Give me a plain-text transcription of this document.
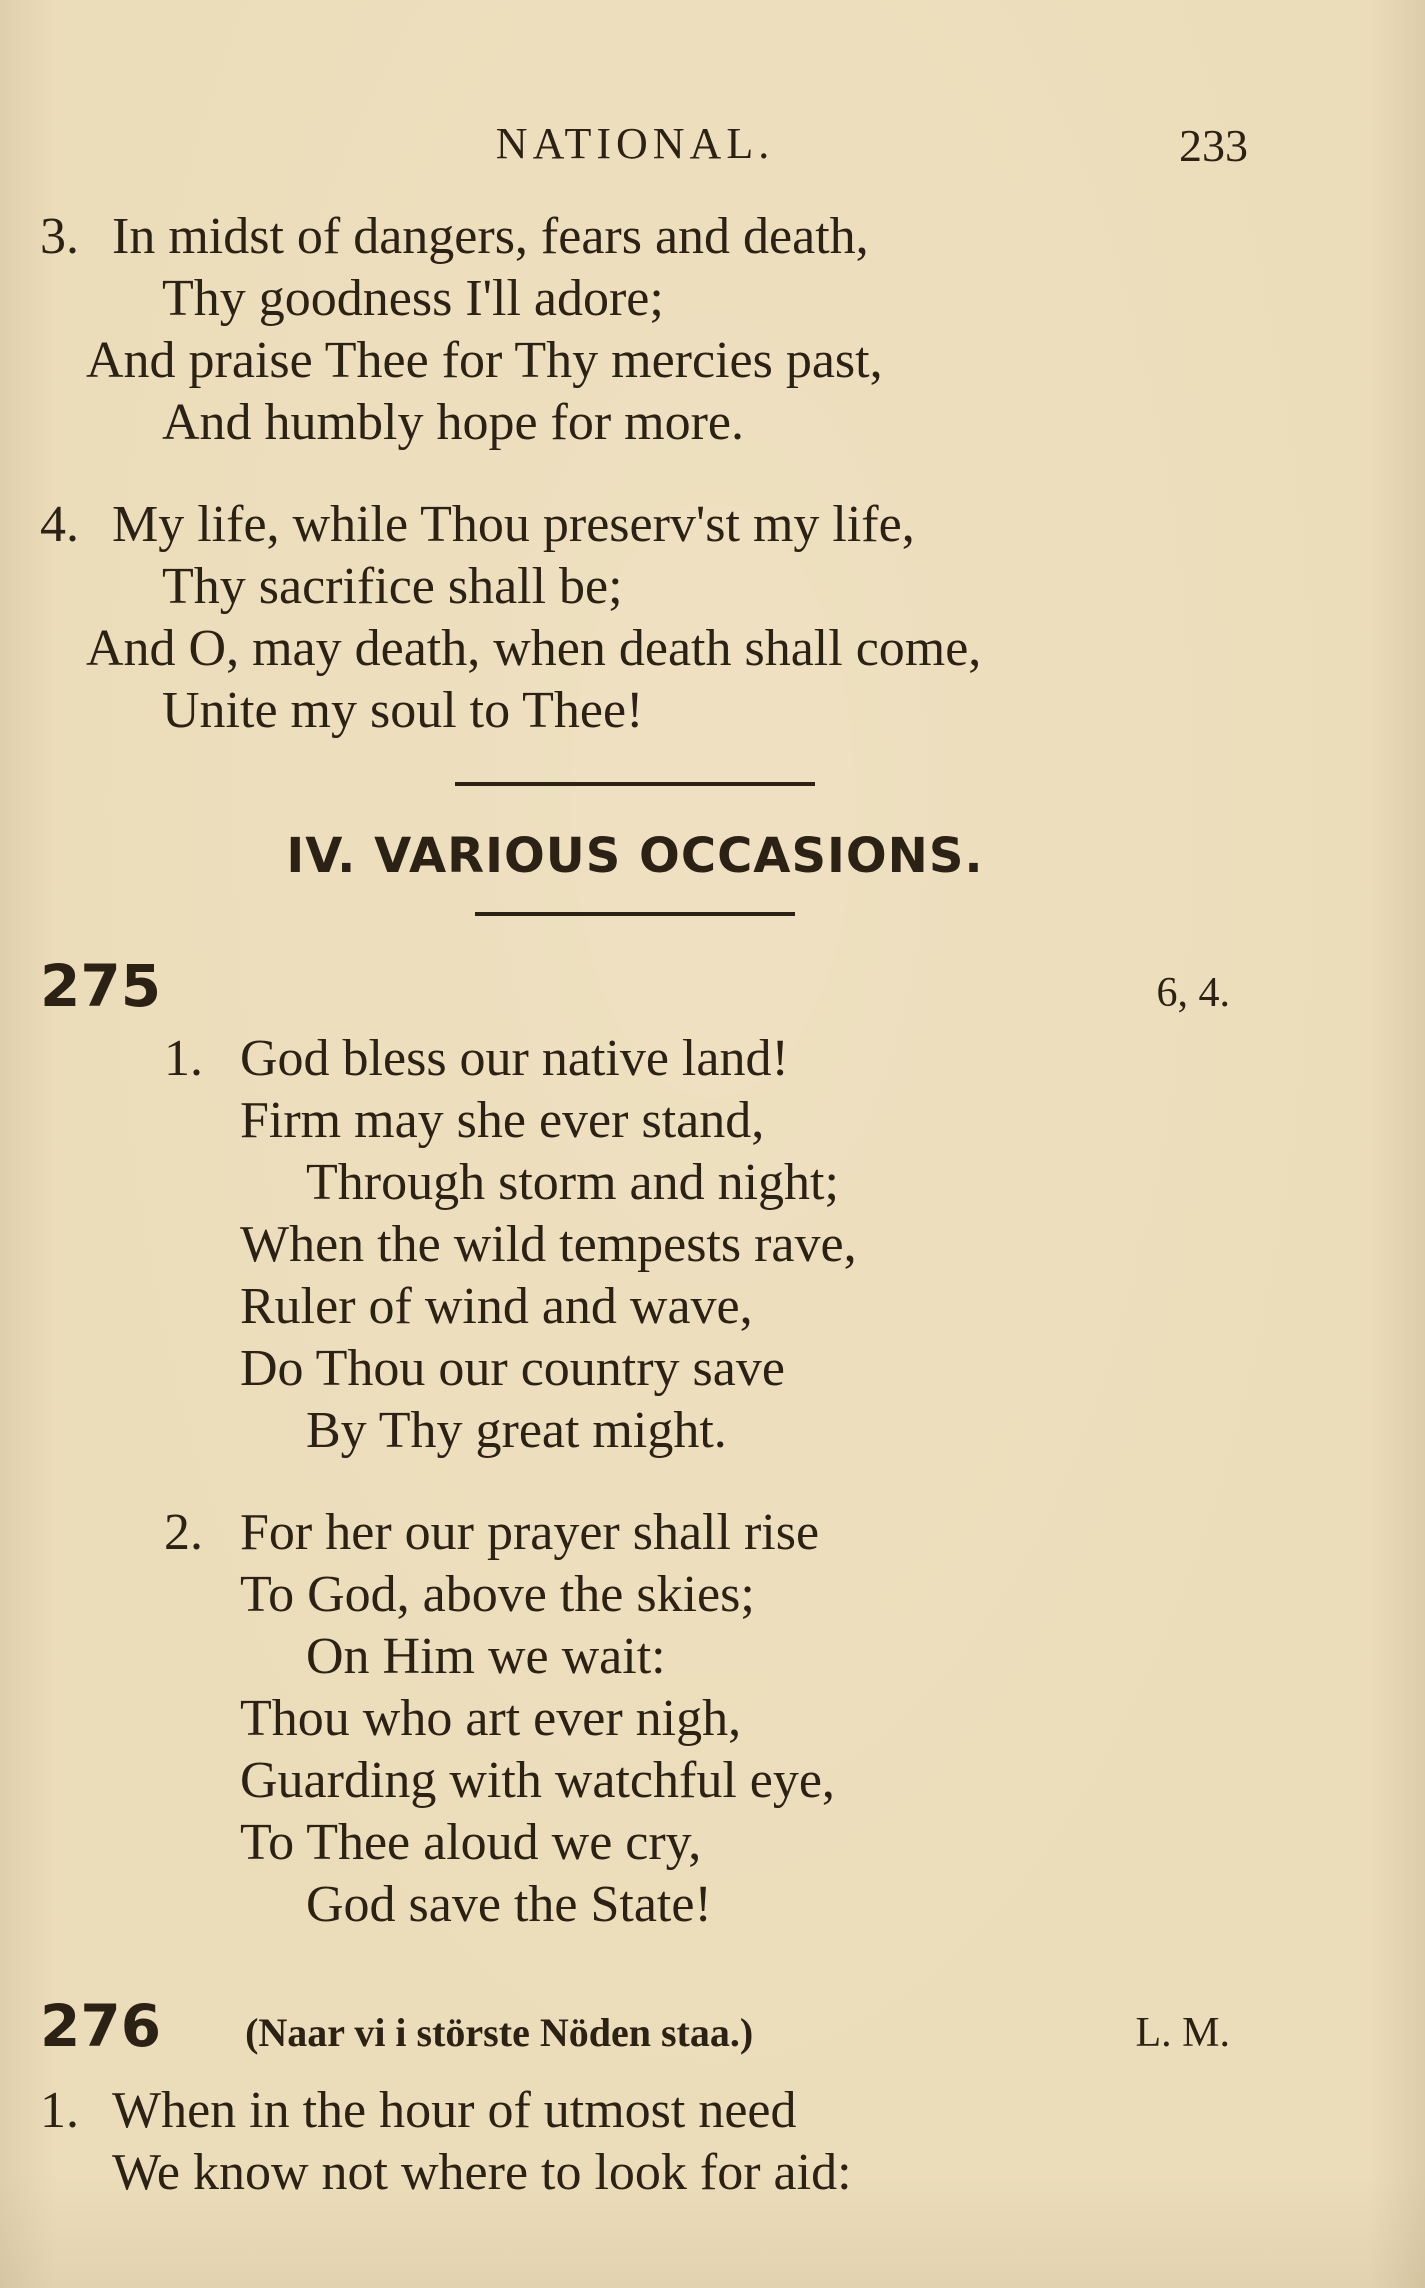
NATIONAL.	233
3. In midst of dangers, fears and death,
Thy goodness I'll adore;
And praise Thee for Thy mercies past,
And humbly hope for more.
4. My life, while Thou preserv'st my life,
Thy sacrifice shall be;
And O, may death, when death shall come,
Unite my soul to Thee!
IV. VARIOUS OCCASIONS.
275	6, 4.
1. God bless our native land!
Firm may she ever stand,
Through storm and night;
When the wild tempests rave,
Ruler of wind and wave,
Do Thou our country save
By Thy great might.
2. For her our prayer shall rise
To God, above the skies;
On Him we wait:
Thou who art ever nigh,
Guarding with watchful eye,
To Thee aloud we cry,
God save the State!
276 (Naar vi i störste Nöden staa.)	L. M.
1. When in the hour of utmost need
We know not where to look for aid:
